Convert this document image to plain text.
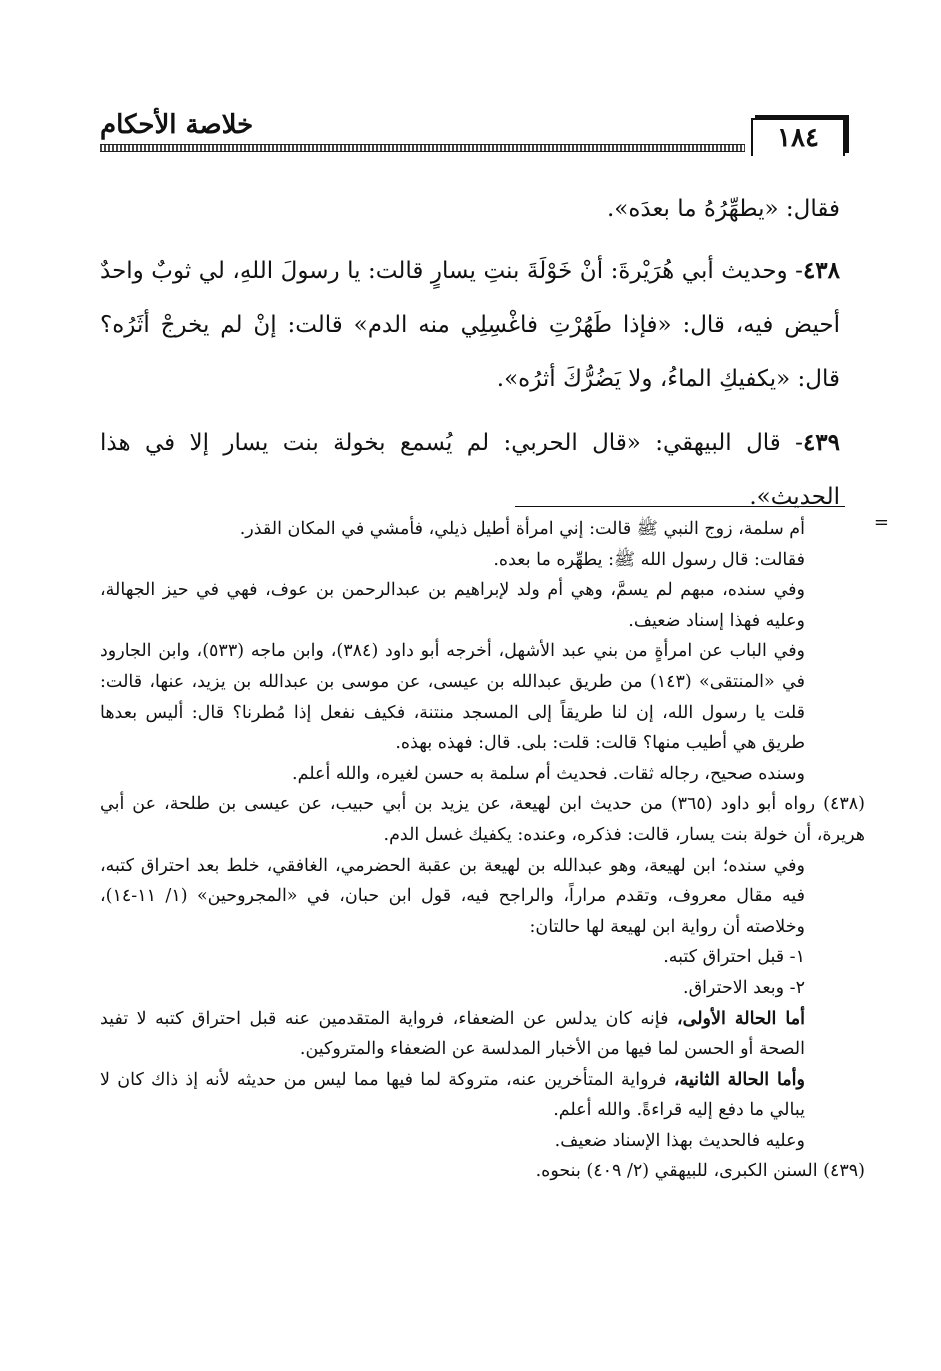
١٨٤
خلاصة الأحكام

فقال: «يطهِّرُهُ ما بعدَه».

٤٣٨- وحديث أبي هُرَيْرةَ: أنْ خَوْلَةَ بنتِ يسارٍ قالت: يا رسولَ اللهِ، لي ثوبٌ واحدٌ أحيض فيه، قال: «فإذا طَهُرْتِ فاغْسِلِي منه الدم» قالت: إنْ لم يخرجْ أثَرُه؟ قال: «يكفيكِ الماءُ، ولا يَضُرُّكَ أثرُه».

٤٣٩- قال البيهقي: «قال الحربي: لم يُسمع بخولة بنت يسار إلا في هذا الحديث».

=

أم سلمة، زوج النبي ﷺ قالت: إني امرأة أطيل ذيلي، فأمشي في المكان القذر.

فقالت: قال رسول الله ﷺ: يطهِّره ما بعده.

وفي سنده، مبهم لم يسمَّ، وهي أم ولد لإبراهيم بن عبدالرحمن بن عوف، فهي في حيز الجهالة، وعليه فهذا إسناد ضعيف.

وفي الباب عن امرأةٍ من بني عبد الأشهل، أخرجه أبو داود (٣٨٤)، وابن ماجه (٥٣٣)، وابن الجارود في «المنتقى» (١٤٣) من طريق عبدالله بن عيسى، عن موسى بن عبدالله بن يزيد، عنها، قالت: قلت يا رسول الله، إن لنا طريقاً إلى المسجد منتنة، فكيف نفعل إذا مُطرنا؟ قال: أليس بعدها طريق هي أطيب منها؟ قالت: قلت: بلى. قال: فهذه بهذه.

وسنده صحيح، رجاله ثقات. فحديث أم سلمة به حسن لغيره، والله أعلم.

(٤٣٨) رواه أبو داود (٣٦٥) من حديث ابن لهيعة، عن يزيد بن أبي حبيب، عن عيسى بن طلحة، عن أبي هريرة، أن خولة بنت يسار، قالت: فذكره، وعنده: يكفيك غسل الدم.

وفي سنده؛ ابن لهيعة، وهو عبدالله بن لهيعة بن عقبة الحضرمي، الغافقي، خلط بعد احتراق كتبه، فيه مقال معروف، وتقدم مراراً، والراجح فيه، قول ابن حبان، في «المجروحين» (١/ ١١-١٤)، وخلاصته أن رواية ابن لهيعة لها حالتان:

١- قبل احتراق كتبه.

٢- وبعد الاحتراق.

أما الحالة الأولى، فإنه كان يدلس عن الضعفاء، فرواية المتقدمين عنه قبل احتراق كتبه لا تفيد الصحة أو الحسن لما فيها من الأخبار المدلسة عن الضعفاء والمتروكين.

وأما الحالة الثانية، فرواية المتأخرين عنه، متروكة لما فيها مما ليس من حديثه لأنه إذ ذاك كان لا يبالي ما دفع إليه قراءةً. والله أعلم.

وعليه فالحديث بهذا الإسناد ضعيف.

(٤٣٩) السنن الكبرى، للبيهقي (٢/ ٤٠٩) بنحوه.
